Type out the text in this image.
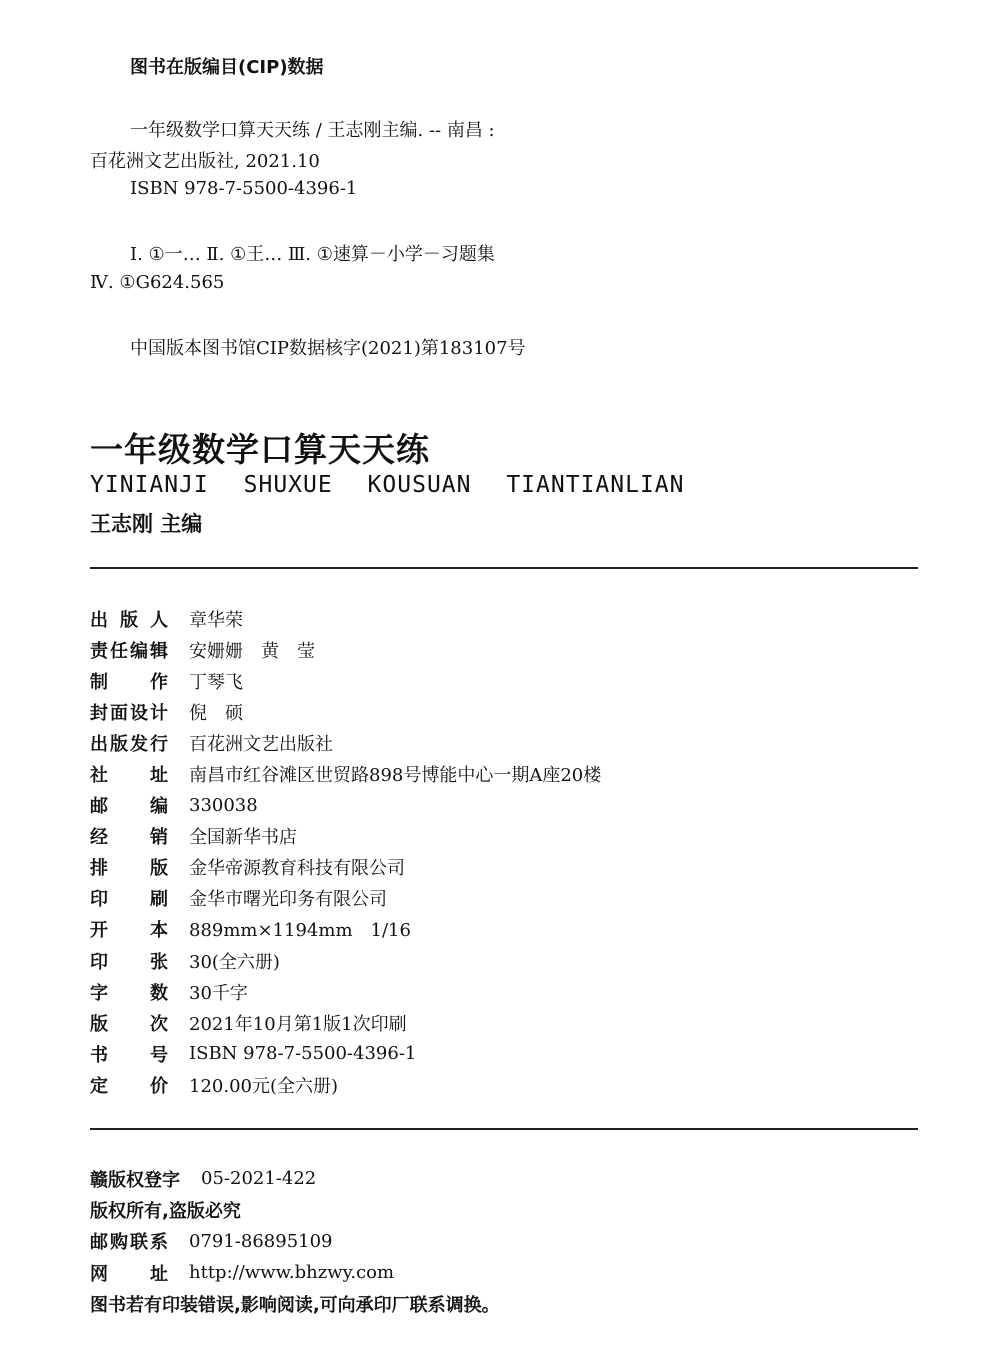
图书在版编目(CIP)数据
一年级数学口算天天练 / 王志刚主编. -- 南昌 :
百花洲文艺出版社, 2021.10
ISBN 978-7-5500-4396-1
Ⅰ. ①一… Ⅱ. ①王… Ⅲ. ①速算－小学－习题集
Ⅳ. ①G624.565
中国版本图书馆CIP数据核字(2021)第183107号
一年级数学口算天天练
YINIANJI SHUXUE KOUSUAN TIANTIANLIAN
王志刚 主编
出版人 章华荣
责任编辑 安姗姗　黄　莹
制作 丁琴飞
封面设计 倪　硕
出版发行 百花洲文艺出版社
社址 南昌市红谷滩区世贸路898号博能中心一期A座20楼
邮编 330038
经销 全国新华书店
排版 金华帝源教育科技有限公司
印刷 金华市曙光印务有限公司
开本 889mm×1194mm　1/16
印张 30(全六册)
字数 30千字
版次 2021年10月第1版1次印刷
书号 ISBN 978-7-5500-4396-1
定价 120.00元(全六册)
赣版权登字 05-2021-422
版权所有,盗版必究
邮购联系 0791-86895109
网址 http://www.bhzwy.com
图书若有印装错误,影响阅读,可向承印厂联系调换。
